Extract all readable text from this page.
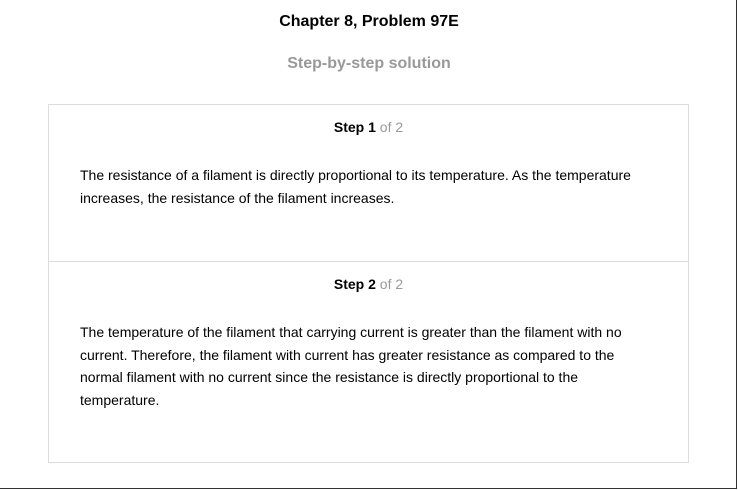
Chapter 8, Problem 97E
Step-by-step solution
Step 1 of 2

The resistance of a filament is directly proportional to its temperature. As the temperature increases, the resistance of the filament increases.

Step 2 of 2

The temperature of the filament that carrying current is greater than the filament with no current. Therefore, the filament with current has greater resistance as compared to the normal filament with no current since the resistance is directly proportional to the temperature.
